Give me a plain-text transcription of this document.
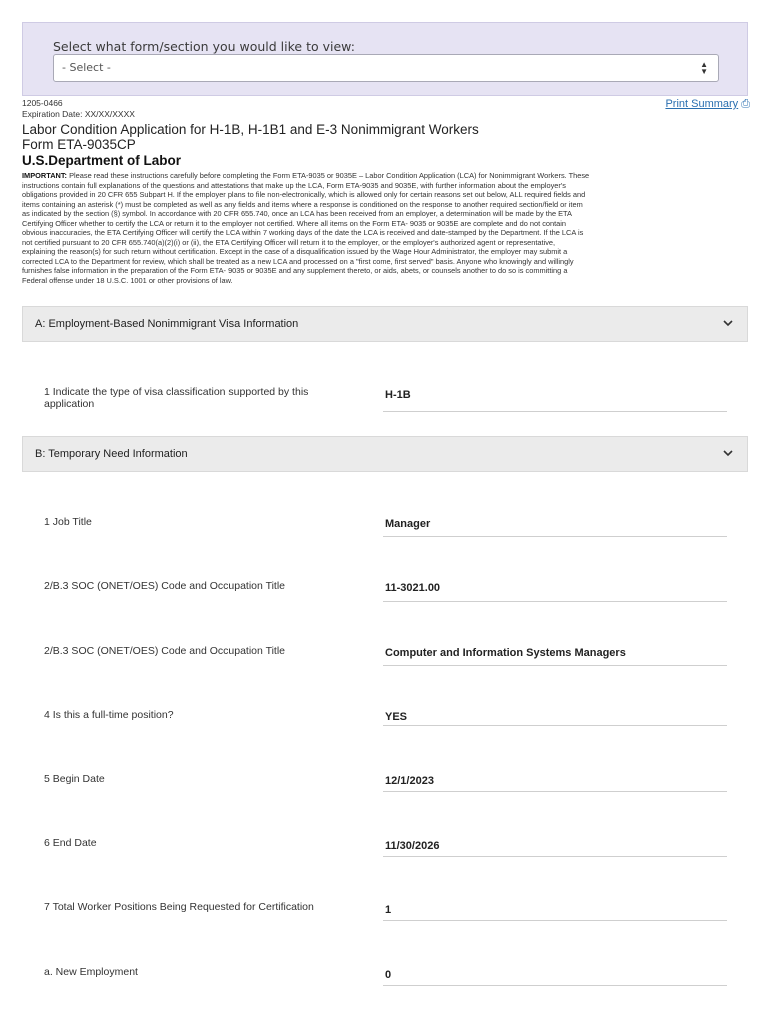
Select what form/section you would like to view:
- Select -	▲
▼
1205-0466
Expiration Date: XX/XX/XXXX
Print Summary ⎙
Labor Condition Application for H-1B, H-1B1 and E-3 Nonimmigrant Workers
Form ETA-9035CP
U.S.Department of Labor
IMPORTANT: Please read these instructions carefully before completing the Form ETA-9035 or 9035E – Labor Condition Application (LCA) for Nonimmigrant Workers. These
instructions contain full explanations of the questions and attestations that make up the LCA, Form ETA-9035 and 9035E, with further information about the employer's
obligations provided in 20 CFR 655 Subpart H. If the employer plans to file non-electronically, which is allowed only for certain reasons set out below, ALL required fields and
items containing an asterisk (*) must be completed as well as any fields and items where a response is conditioned on the response to another required section/field or item
as indicated by the section (§) symbol. In accordance with 20 CFR 655.740, once an LCA has been received from an employer, a determination will be made by the ETA
Certifying Officer whether to certify the LCA or return it to the employer not certified. Where all items on the Form ETA- 9035 or 9035E are complete and do not contain
obvious inaccuracies, the ETA Certifying Officer will certify the LCA within 7 working days of the date the LCA is received and date-stamped by the Department. If the LCA is
not certified pursuant to 20 CFR 655.740(a)(2)(i) or (ii), the ETA Certifying Officer will return it to the employer, or the employer's authorized agent or representative,
explaining the reason(s) for such return without certification. Except in the case of a disqualification issued by the Wage Hour Administrator, the employer may submit a
corrected LCA to the Department for review, which shall be treated as a new LCA and processed on a "first come, first served" basis. Anyone who knowingly and willingly
furnishes false information in the preparation of the Form ETA- 9035 or 9035E and any supplement thereto, or aids, abets, or counsels another to do so is committing a
Federal offense under 18 U.S.C. 1001 or other provisions of law.
A: Employment-Based Nonimmigrant Visa Information
1 Indicate the type of visa classification supported by this application
H-1B
B: Temporary Need Information
1 Job Title	Manager
2/B.3 SOC (ONET/OES) Code and Occupation Title	11-3021.00
2/B.3 SOC (ONET/OES) Code and Occupation Title	Computer and Information Systems Managers
4 Is this a full-time position?	YES
5 Begin Date	12/1/2023
6 End Date	11/30/2026
7 Total Worker Positions Being Requested for Certification	1
a. New Employment	0
